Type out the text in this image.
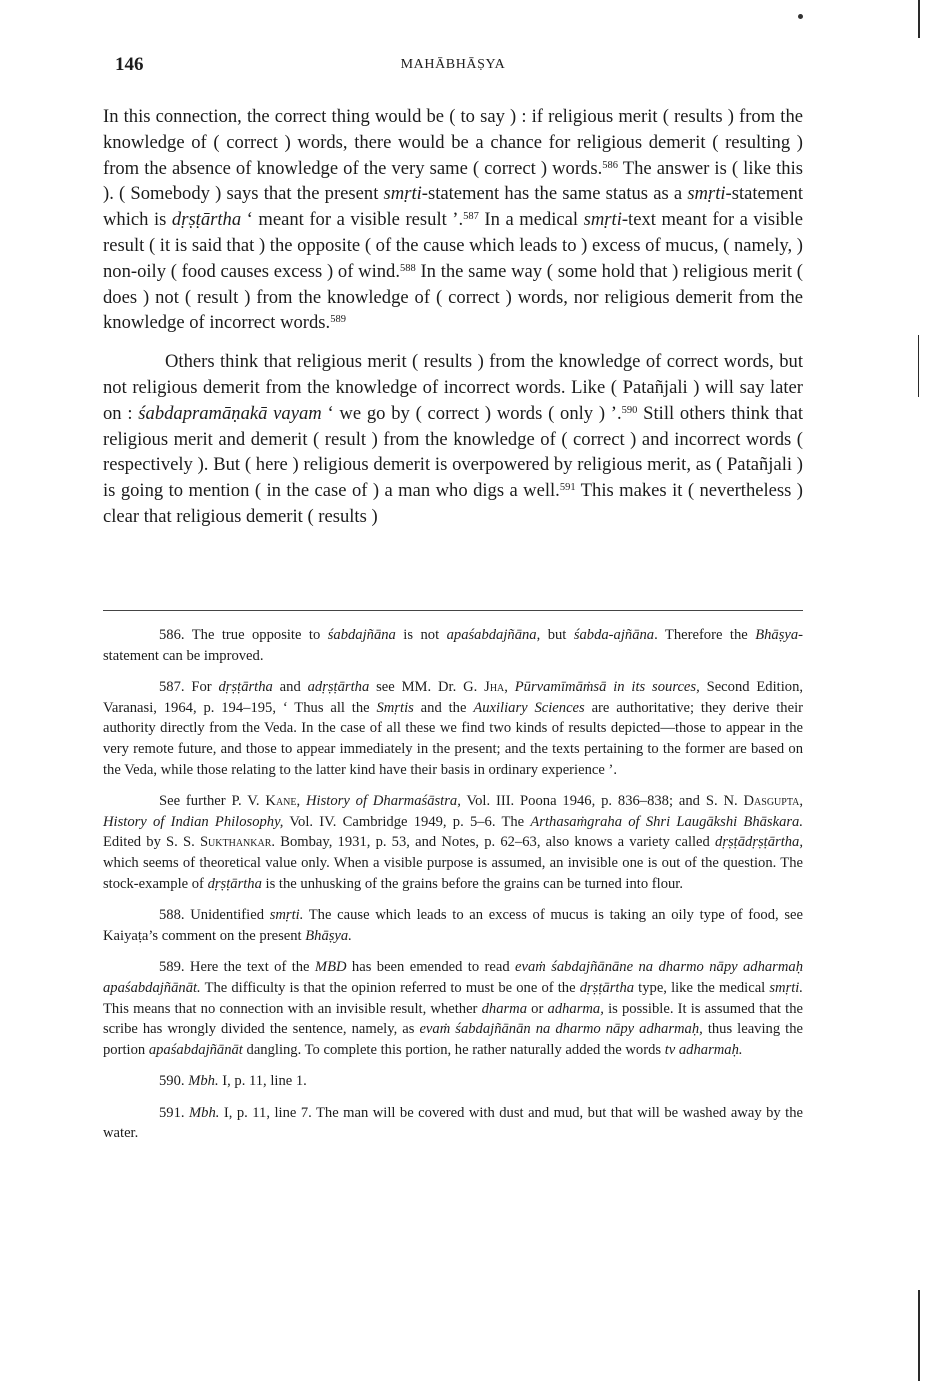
146	MAHĀBHĀṢYA

In this connection, the correct thing would be ( to say ) : if religious merit ( results ) from the knowledge of ( correct ) words, there would be a chance for religious demerit ( resulting ) from the absence of knowledge of the very same ( correct ) words.$^{586}$ The answer is ( like this ). ( Somebody ) says that the present smṛti-statement has the same status as a smṛti-statement which is dṛṣṭārtha ‘ meant for a visible result ’.$^{587}$ In a medical smṛti-text meant for a visible result ( it is said that ) the opposite ( of the cause which leads to ) excess of mucus, ( namely, ) non-oily ( food causes excess ) of wind.$^{588}$ In the same way ( some hold that ) religious merit ( does ) not ( result ) from the knowledge of ( correct ) words, nor religious demerit from the knowledge of incorrect words.$^{589}$

Others think that religious merit ( results ) from the knowledge of correct words, but not religious demerit from the knowledge of incorrect words. Like ( Patañjali ) will say later on : śabdapramāṇakā vayam ‘ we go by ( correct ) words ( only ) ’.$^{590}$ Still others think that religious merit and demerit ( result ) from the knowledge of ( correct ) and incorrect words ( respectively ). But ( here ) religious demerit is overpowered by religious merit, as ( Patañjali ) is going to mention ( in the case of ) a man who digs a well.$^{591}$ This makes it ( nevertheless ) clear that religious demerit ( results )

586. The true opposite to śabdajñāna is not apaśabdajñāna, but śabda-ajñāna. Therefore the Bhāṣya-statement can be improved.

587. For dṛṣṭārtha and adṛṣṭārtha see MM. Dr. G. Jha, Pūrvamīmāṁsā in its sources, Second Edition, Varanasi, 1964, p. 194–195, ‘ Thus all the Smṛtis and the Auxiliary Sciences are authoritative; they derive their authority directly from the Veda. In the case of all these we find two kinds of results depicted—those to appear in the very remote future, and those to appear immediately in the present; and the texts pertaining to the former are based on the Veda, while those relating to the latter kind have their basis in ordinary experience ’.

See further P. V. Kane, History of Dharmaśāstra, Vol. III. Poona 1946, p. 836–838; and S. N. Dasgupta, History of Indian Philosophy, Vol. IV. Cambridge 1949, p. 5–6. The Arthasaṁgraha of Shri Laugākshi Bhāskara. Edited by S. S. Sukthankar. Bombay, 1931, p. 53, and Notes, p. 62–63, also knows a variety called dṛṣṭādṛṣṭārtha, which seems of theoretical value only. When a visible purpose is assumed, an invisible one is out of the question. The stock-example of dṛṣṭārtha is the unhusking of the grains before the grains can be turned into flour.

588. Unidentified smṛti. The cause which leads to an excess of mucus is taking an oily type of food, see Kaiyaṭa’s comment on the present Bhāṣya.

589. Here the text of the MBD has been emended to read evaṁ śabdajñānāne na dharmo nāpy adharmaḥ apaśabdajñānāt. The difficulty is that the opinion referred to must be one of the dṛṣṭārtha type, like the medical smṛti. This means that no connection with an invisible result, whether dharma or adharma, is possible. It is assumed that the scribe has wrongly divided the sentence, namely, as evaṁ śabdajñānān na dharmo nāpy adharmaḥ, thus leaving the portion apaśabdajñānāt dangling. To complete this portion, he rather naturally added the words tv adharmaḥ.

590. Mbh. I, p. 11, line 1.

591. Mbh. I, p. 11, line 7. The man will be covered with dust and mud, but that will be washed away by the water.
